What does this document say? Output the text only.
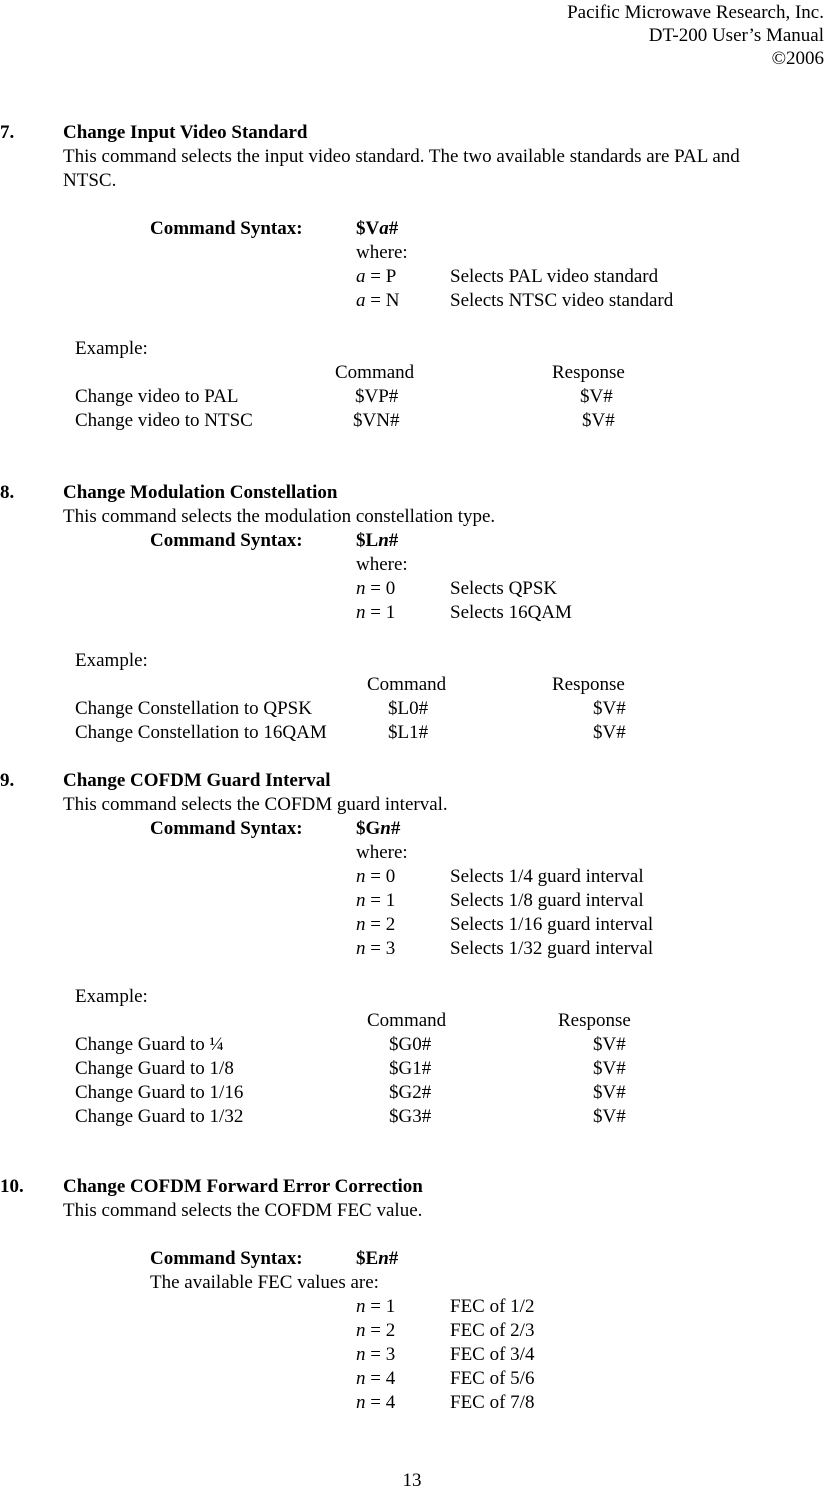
Pacific Microwave Research, Inc.
DT-200 User’s Manual
©2006
7.	Change Input Video Standard
This command selects the input video standard. The two available standards are PAL and
NTSC.
Command Syntax:	$Va#
where:
a = P	Selects PAL video standard
a = N	Selects NTSC video standard
Example:
Command	Response
Change video to PAL	$VP#	$V#
Change video to NTSC	$VN#	$V#
8.	Change Modulation Constellation
This command selects the modulation constellation type.
Command Syntax:	$Ln#
where:
n = 0	Selects QPSK
n = 1	Selects 16QAM
Example:
Command	Response
Change Constellation to QPSK	$L0#	$V#
Change Constellation to 16QAM	$L1#	$V#
9.	Change COFDM Guard Interval
This command selects the COFDM guard interval.
Command Syntax:	$Gn#
where:
n = 0	Selects 1/4 guard interval
n = 1	Selects 1/8 guard interval
n = 2	Selects 1/16 guard interval
n = 3	Selects 1/32 guard interval
Example:
Command	Response
Change Guard to ¼	$G0#	$V#
Change Guard to 1/8	$G1#	$V#
Change Guard to 1/16	$G2#	$V#
Change Guard to 1/32	$G3#	$V#
10. Change COFDM Forward Error Correction
This command selects the COFDM FEC value.
Command Syntax:	$En#
The available FEC values are:
n = 1	FEC of 1/2
n = 2	FEC of 2/3
n = 3	FEC of 3/4
n = 4	FEC of 5/6
n = 4	FEC of 7/8
13
